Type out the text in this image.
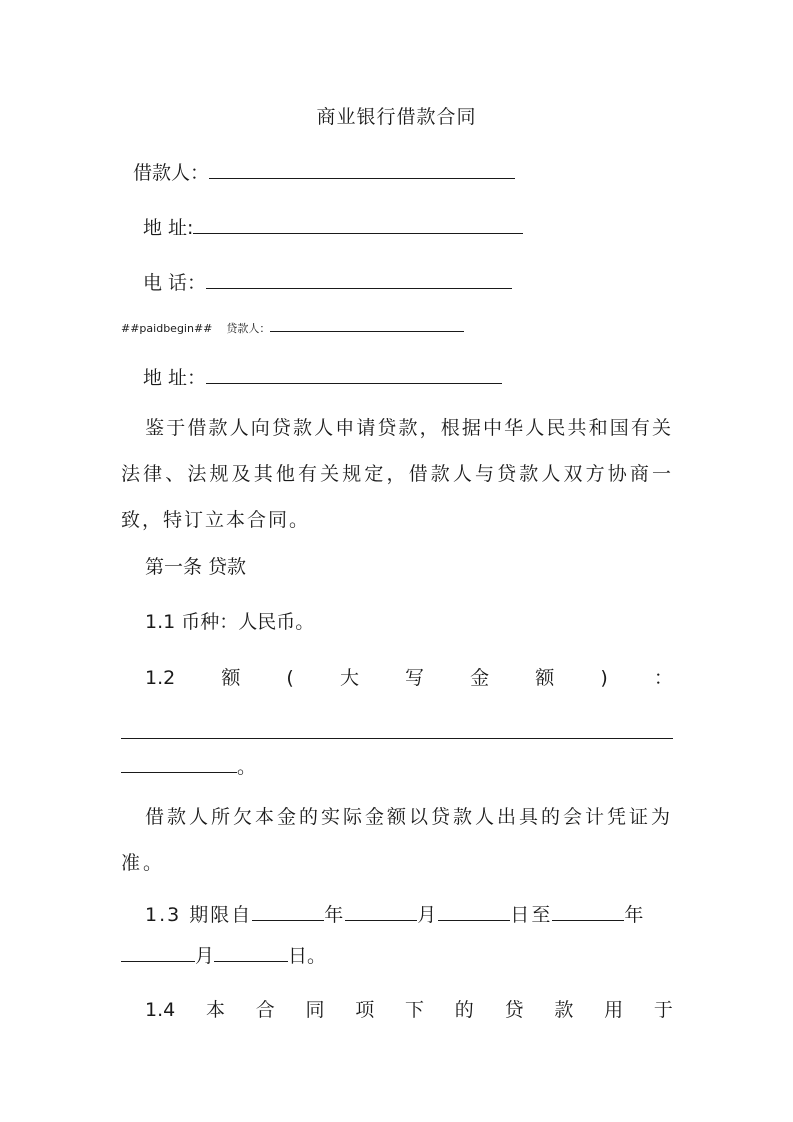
商业银行借款合同
借款人：
地 址:
电 话：
##paidbegin## 贷款人：
地 址：
鉴于借款人向贷款人申请贷款，根据中华人民共和国有关法律、法规及其他有关规定，借款人与贷款人双方协商一致，特订立本合同。
第一条 贷款
1.1 币种：人民币。
1.2 额 ( 大 写 金 额 ) ：
。
借款人所欠本金的实际金额以贷款人出具的会计凭证为准。
1.3 期限自	年	月	日至	年
月	日。
1.4 本 合 同 项 下 的 贷 款 用 于
